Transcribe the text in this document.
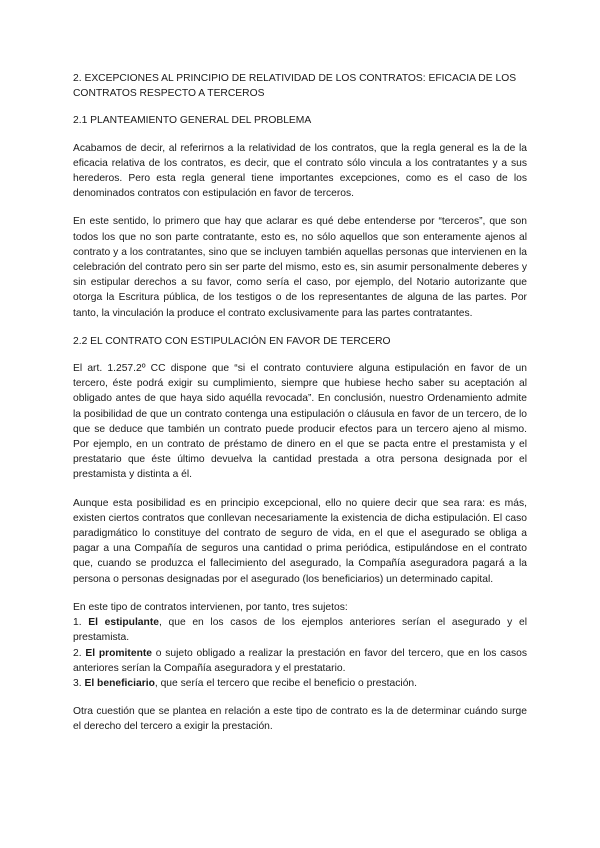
2. EXCEPCIONES AL PRINCIPIO DE RELATIVIDAD DE LOS CONTRATOS: EFICACIA DE LOS CONTRATOS RESPECTO A TERCEROS
2.1 PLANTEAMIENTO GENERAL DEL PROBLEMA

Acabamos de decir, al referirnos a la relatividad de los contratos, que la regla general es la de la eficacia relativa de los contratos, es decir, que el contrato sólo vincula a los contratantes y a sus herederos. Pero esta regla general tiene importantes excepciones, como es el caso de los denominados contratos con estipulación en favor de terceros.

En este sentido, lo primero que hay que aclarar es qué debe entenderse por “terceros”, que son todos los que no son parte contratante, esto es, no sólo aquellos que son enteramente ajenos al contrato y a los contratantes, sino que se incluyen también aquellas personas que intervienen en la celebración del contrato pero sin ser parte del mismo, esto es, sin asumir personalmente deberes y sin estipular derechos a su favor, como sería el caso, por ejemplo, del Notario autorizante que otorga la Escritura pública, de los testigos o de los representantes de alguna de las partes. Por tanto, la vinculación la produce el contrato exclusivamente para las partes contratantes.

2.2 EL CONTRATO CON ESTIPULACIÓN EN FAVOR DE TERCERO

El art. 1.257.2º CC dispone que “si el contrato contuviere alguna estipulación en favor de un tercero, éste podrá exigir su cumplimiento, siempre que hubiese hecho saber su aceptación al obligado antes de que haya sido aquélla revocada”. En conclusión, nuestro Ordenamiento admite la posibilidad de que un contrato contenga una estipulación o cláusula en favor de un tercero, de lo que se deduce que también un contrato puede producir efectos para un tercero ajeno al mismo. Por ejemplo, en un contrato de préstamo de dinero en el que se pacta entre el prestamista y el prestatario que éste último devuelva la cantidad prestada a otra persona designada por el prestamista y distinta a él.

Aunque esta posibilidad es en principio excepcional, ello no quiere decir que sea rara: es más, existen ciertos contratos que conllevan necesariamente la existencia de dicha estipulación. El caso paradigmático lo constituye del contrato de seguro de vida, en el que el asegurado se obliga a pagar a una Compañía de seguros una cantidad o prima periódica, estipulándose en el contrato que, cuando se produzca el fallecimiento del asegurado, la Compañía aseguradora pagará a la persona o personas designadas por el asegurado (los beneficiarios) un determinado capital.

En este tipo de contratos intervienen, por tanto, tres sujetos:
1. El estipulante, que en los casos de los ejemplos anteriores serían el asegurado y el prestamista.
2. El promitente o sujeto obligado a realizar la prestación en favor del tercero, que en los casos anteriores serían la Compañía aseguradora y el prestatario.
3. El beneficiario, que sería el tercero que recibe el beneficio o prestación.

Otra cuestión que se plantea en relación a este tipo de contrato es la de determinar cuándo surge el derecho del tercero a exigir la prestación.
